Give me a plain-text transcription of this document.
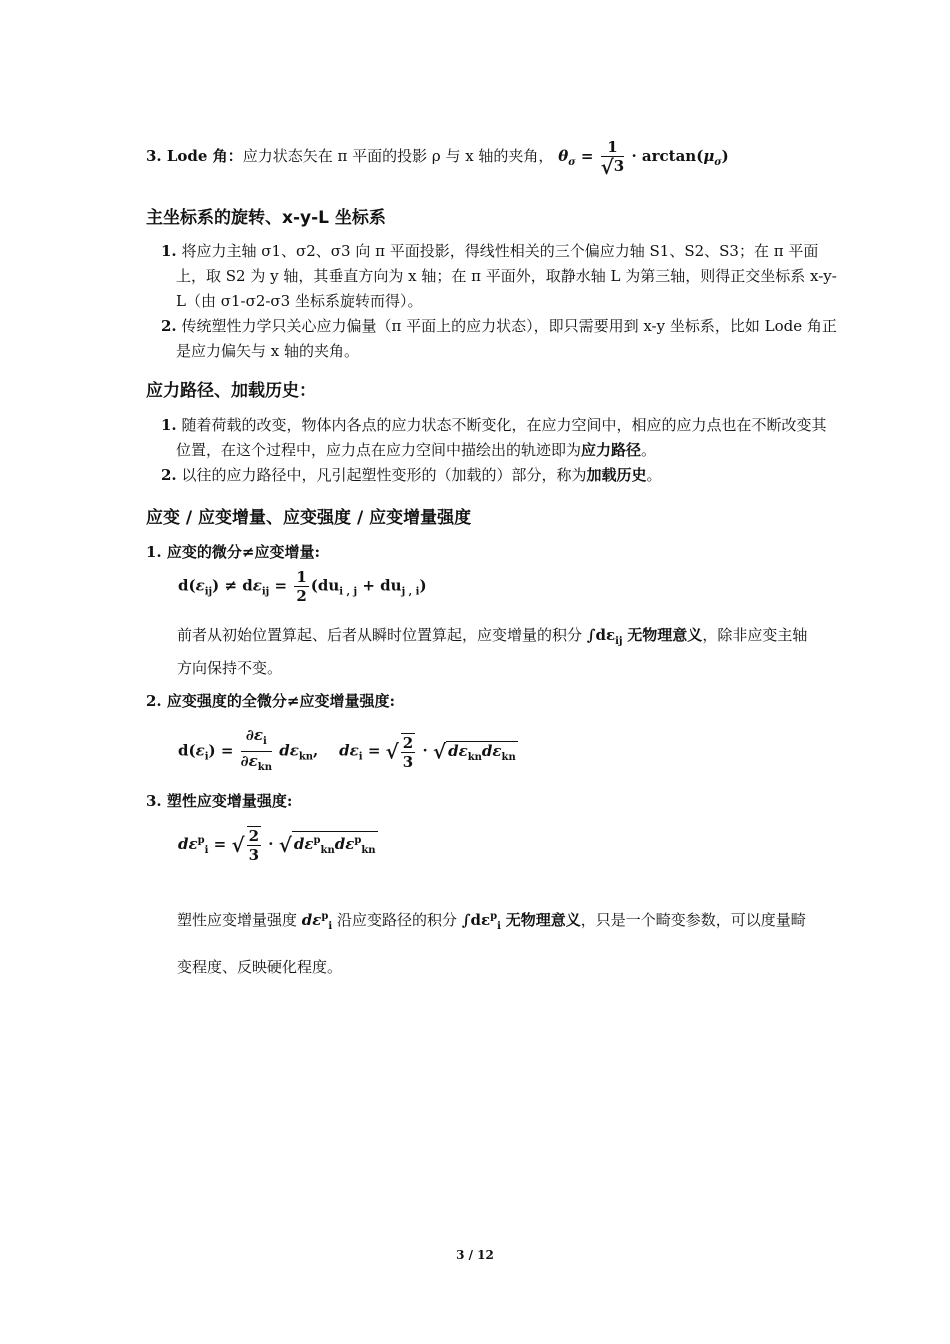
3. Lode 角：应力状态矢在 π 平面的投影 ρ 与 x 轴的夹角， $\theta_\sigma = \frac{1}{√3} \cdot \arctan(\mu_\sigma)$
主坐标系的旋转、x-y-L 坐标系
1. 将应力主轴 σ1、σ2、σ3 向 π 平面投影，得线性相关的三个偏应力轴 S1、S2、S3；在 π 平面上，取 S2 为 y 轴，其垂直方向为 x 轴；在 π 平面外，取静水轴 L 为第三轴，则得正交坐标系 x-y-L（由 σ1-σ2-σ3 坐标系旋转而得）。
2. 传统塑性力学只关心应力偏量（π 平面上的应力状态），即只需要用到 x-y 坐标系，比如 Lode 角正是应力偏矢与 x 轴的夹角。
应力路径、加载历史：
1. 随着荷载的改变，物体内各点的应力状态不断变化，在应力空间中，相应的应力点也在不断改变其位置，在这个过程中，应力点在应力空间中描绘出的轨迹即为应力路径。
2. 以往的应力路径中，凡引起塑性变形的（加载的）部分，称为加载历史。
应变 / 应变增量、应变强度 / 应变增量强度
1. 应变的微分≠应变增量:
$d(\varepsilon_{ij}) \ne d\varepsilon_{ij} = \frac{1}{2} (du_{i , j} + du_{j , i})$
前者从初始位置算起、后者从瞬时位置算起，应变增量的积分 $\int d\varepsilon_{ij}$ 无物理意义，除非应变主轴方向保持不变。
2. 应变强度的全微分≠应变增量强度:
$d(\varepsilon_i) = \frac{\partial\varepsilon_i}{\partial\varepsilon_{kn}} d\varepsilon_{kn}$, $d\varepsilon_i$ = √ $\frac{2}{3}$ · √ $d\varepsilon_{kn}d\varepsilon_{kn}$
3. 塑性应变增量强度:
$d\varepsilon^p_i$ = √ $\frac{2}{3}$ · √ $d\varepsilon^p_{kn}d\varepsilon^p_{kn}$
塑性应变增量强度 $d\varepsilon^p_i$ 沿应变路径的积分 $\int d\varepsilon^p_i$ 无物理意义，只是一个畸变参数，可以度量畸变程度、反映硬化程度。
3 / 12
